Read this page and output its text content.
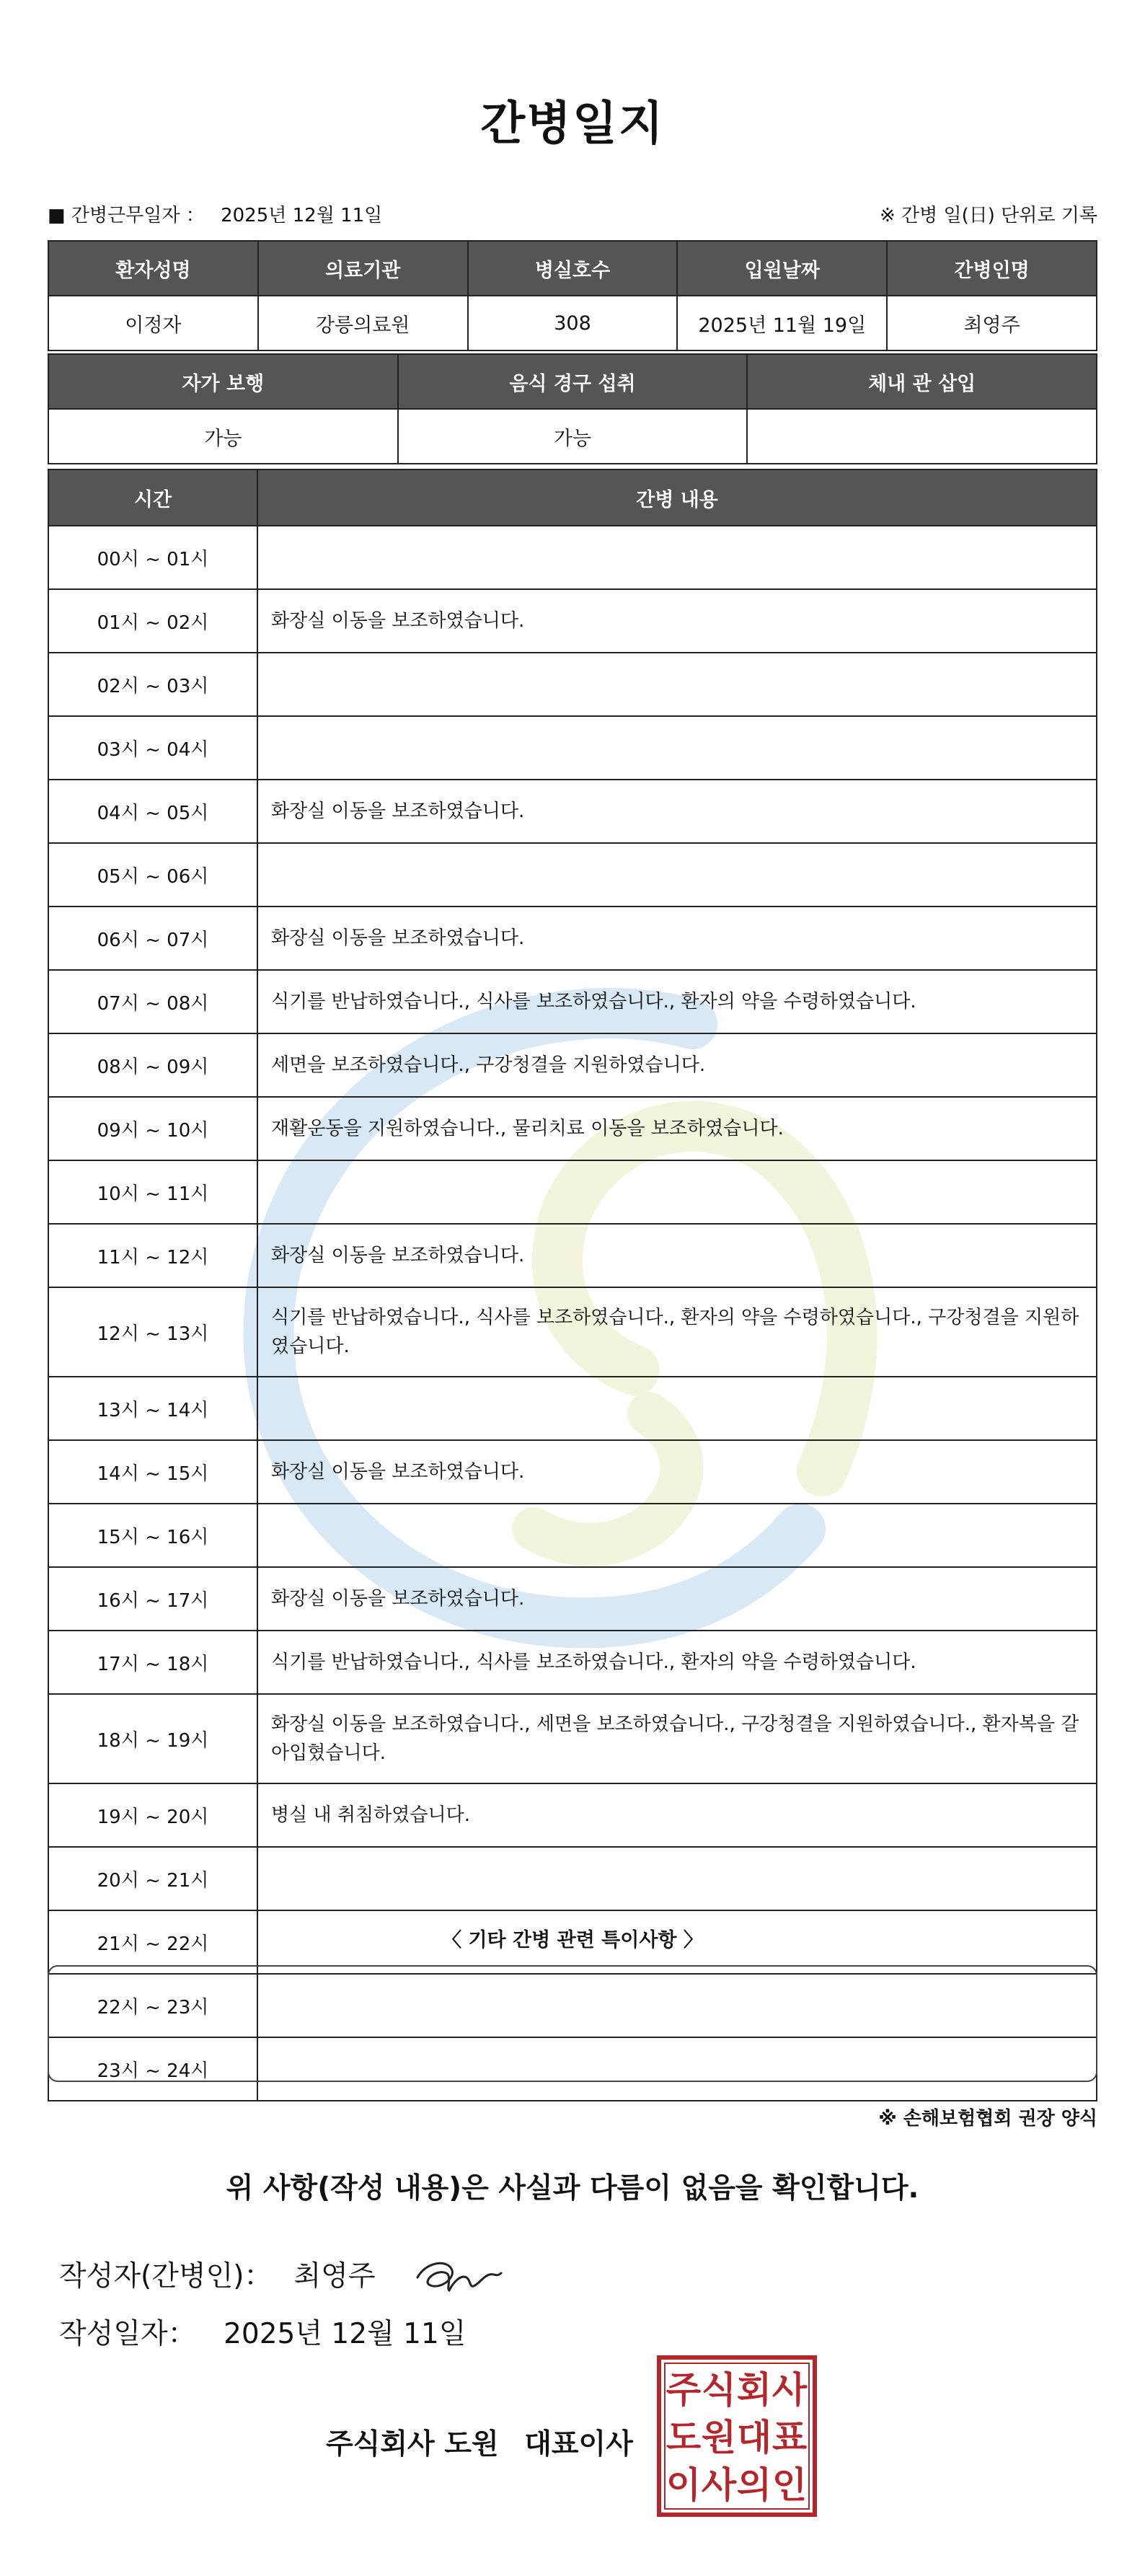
간병일지
■ 간병근무일자 ： 2025년 12월 11일	※ 간병 일(日) 단위로 기록
환자성명	의료기관	병실호수	입원날짜	간병인명
이정자	강릉의료원	308	2025년 11월 19일	최영주
자가 보행	음식 경구 섭취	체내 관 삽입
가능	가능	
시간	간병 내용
00시 ~ 01시	
01시 ~ 02시	화장실 이동을 보조하였습니다.
02시 ~ 03시	
03시 ~ 04시	
04시 ~ 05시	화장실 이동을 보조하였습니다.
05시 ~ 06시	
06시 ~ 07시	화장실 이동을 보조하였습니다.
07시 ~ 08시	식기를 반납하였습니다., 식사를 보조하였습니다., 환자의 약을 수령하였습니다.
08시 ~ 09시	세면을 보조하였습니다., 구강청결을 지원하였습니다.
09시 ~ 10시	재활운동을 지원하였습니다., 물리치료 이동을 보조하였습니다.
10시 ~ 11시	
11시 ~ 12시	화장실 이동을 보조하였습니다.
12시 ~ 13시	식기를 반납하였습니다., 식사를 보조하였습니다., 환자의 약을 수령하였습니다., 구강청결을 지원하였습니다.
13시 ~ 14시	
14시 ~ 15시	화장실 이동을 보조하였습니다.
15시 ~ 16시	
16시 ~ 17시	화장실 이동을 보조하였습니다.
17시 ~ 18시	식기를 반납하였습니다., 식사를 보조하였습니다., 환자의 약을 수령하였습니다.
18시 ~ 19시	화장실 이동을 보조하였습니다., 세면을 보조하였습니다., 구강청결을 지원하였습니다., 환자복을 갈아입혔습니다.
19시 ~ 20시	병실 내 취침하였습니다.
20시 ~ 21시	
21시 ~ 22시	
22시 ~ 23시	
23시 ~ 24시	
〈 기타 간병 관련 특이사항 〉
※ 손해보험협회 권장 양식
위 사항(작성 내용)은 사실과 다름이 없음을 확인합니다.
작성자(간병인)： 최영주
작성일자： 2025년 12월 11일
주식회사 도원 대표이사
주 식 회 사
도 원 대 표
이 사 의 인
